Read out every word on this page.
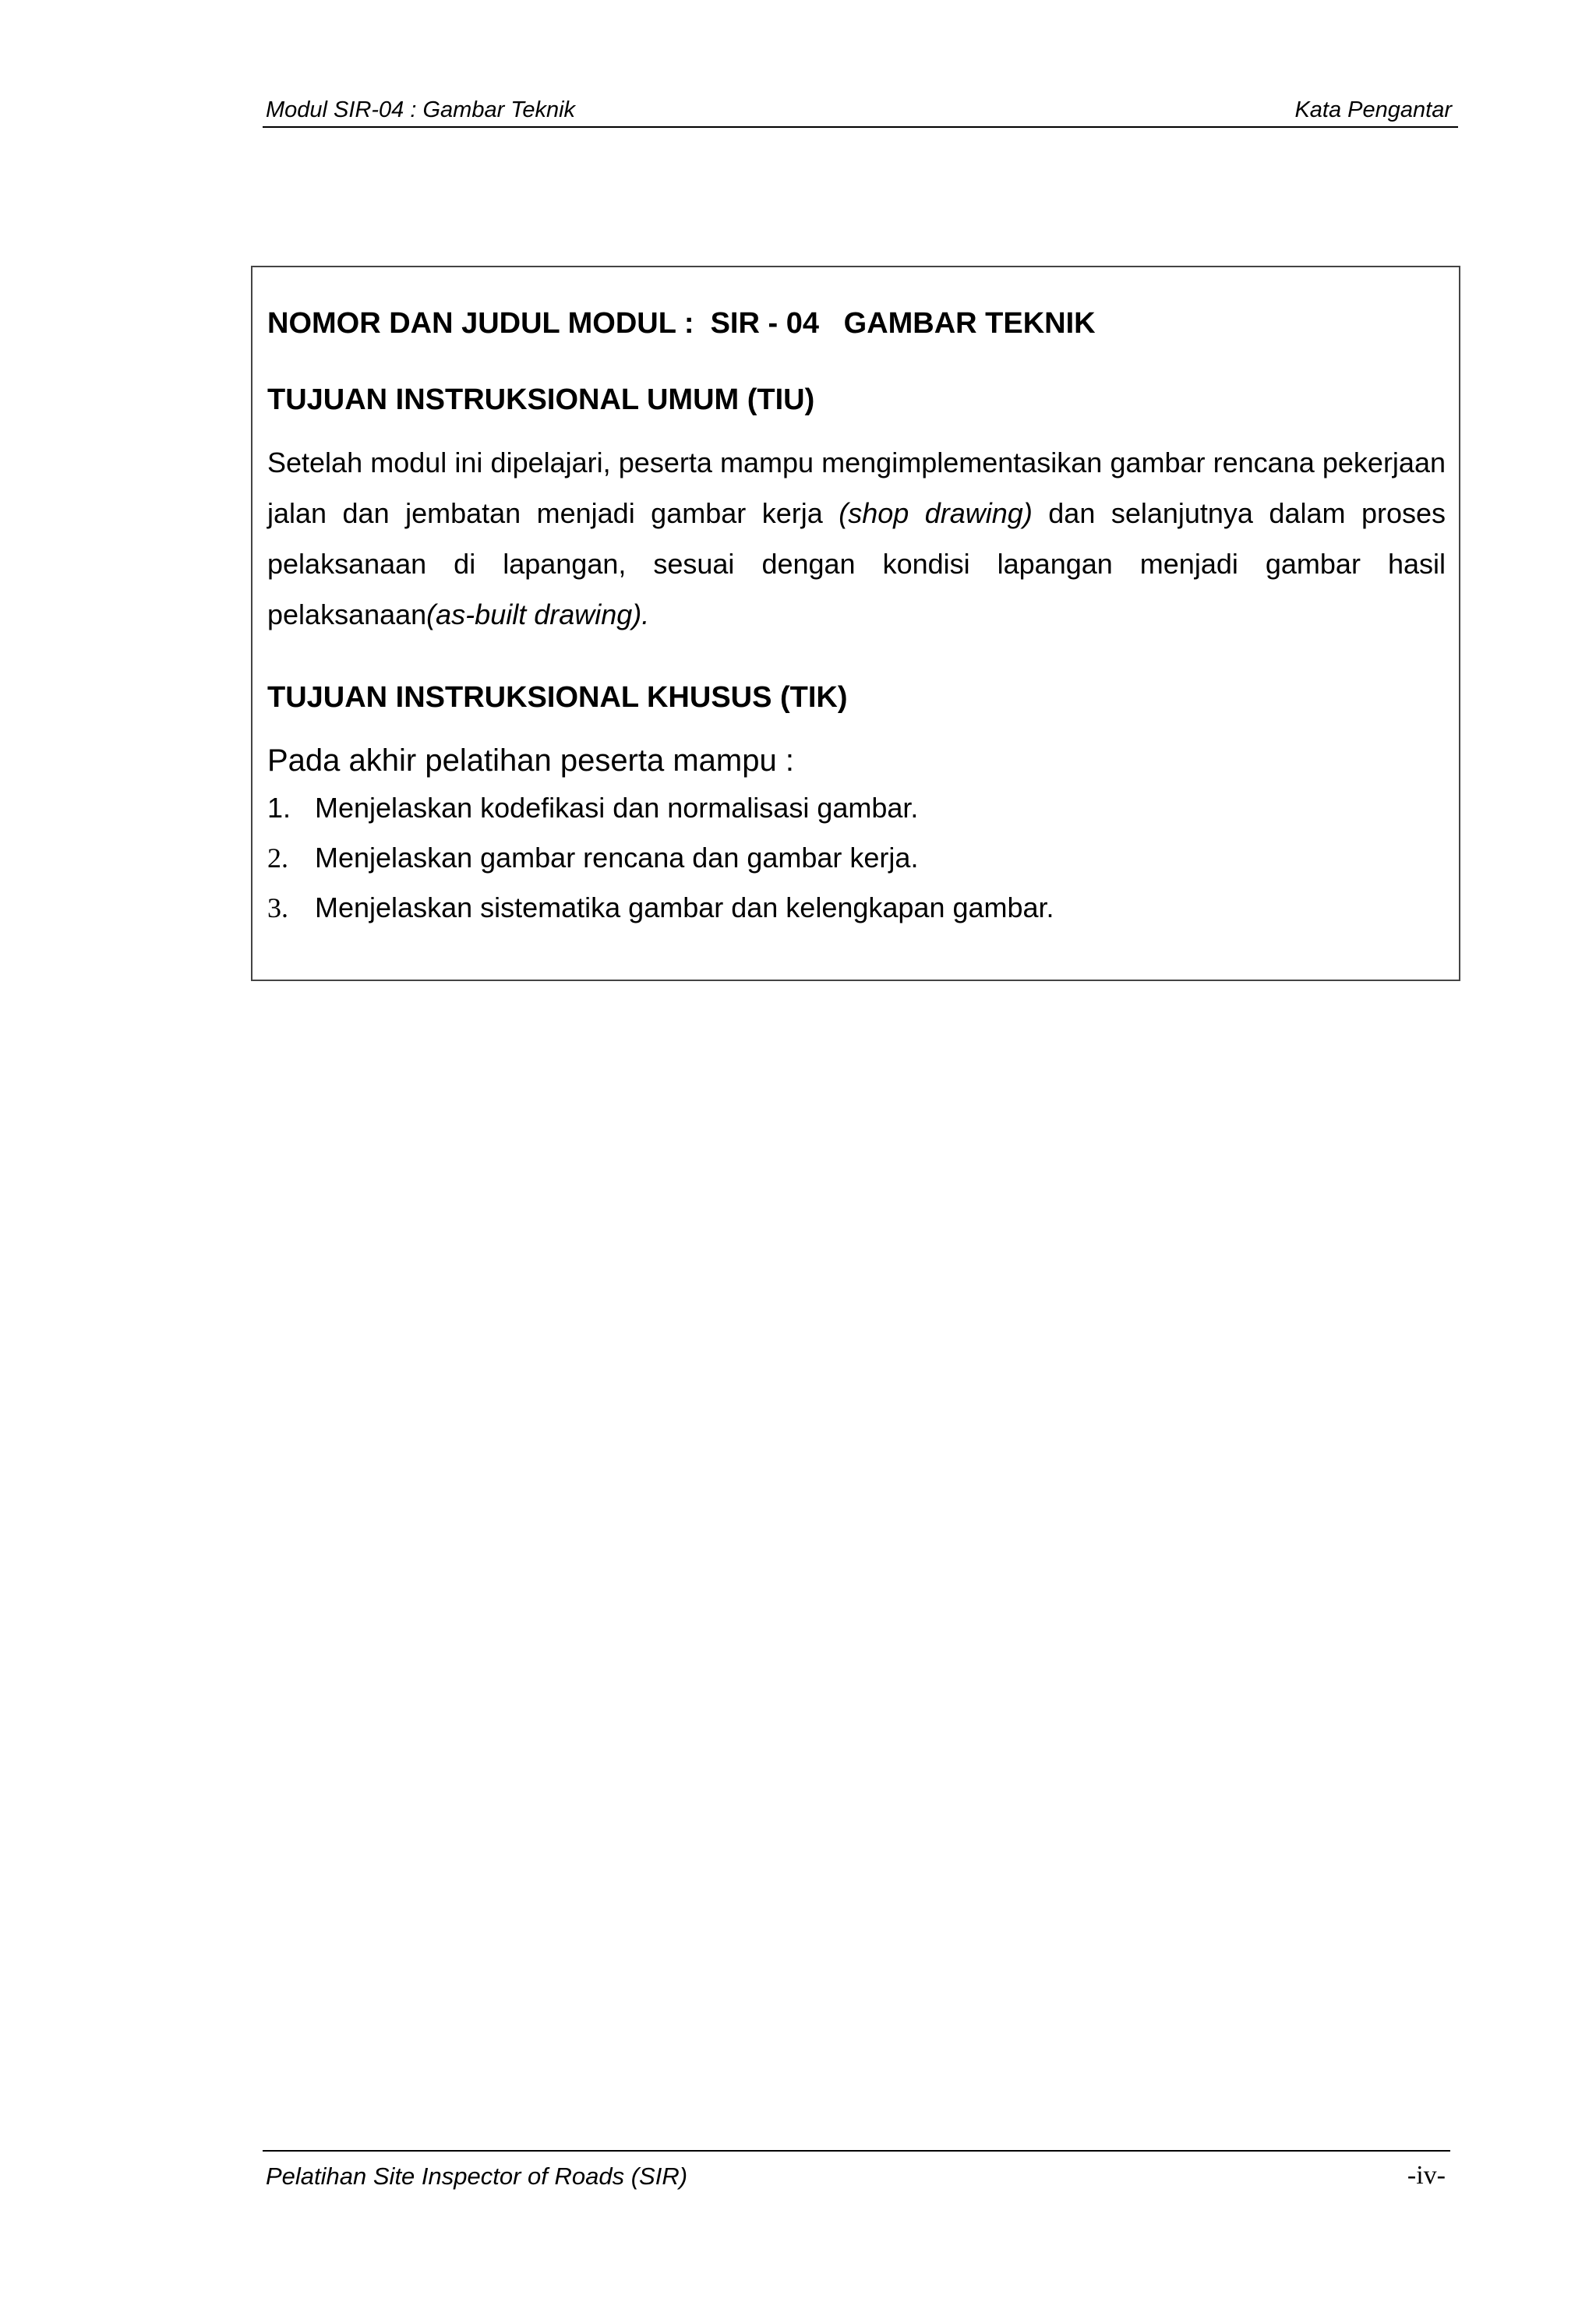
Modul SIR-04 : Gambar Teknik	Kata Pengantar
NOMOR DAN JUDUL MODUL :  SIR - 04   GAMBAR TEKNIK
TUJUAN INSTRUKSIONAL UMUM (TIU)
Setelah modul ini dipelajari, peserta mampu mengimplementasikan gambar rencana pekerjaan jalan dan jembatan menjadi gambar kerja (shop drawing) dan selanjutnya dalam proses pelaksanaan di lapangan, sesuai dengan kondisi lapangan menjadi gambar hasil pelaksanaan(as-built drawing).
TUJUAN INSTRUKSIONAL KHUSUS (TIK)
Pada akhir pelatihan peserta mampu :
1. Menjelaskan kodefikasi dan normalisasi gambar.
2. Menjelaskan gambar rencana dan gambar kerja.
3. Menjelaskan sistematika gambar dan kelengkapan gambar.
Pelatihan Site Inspector of Roads (SIR)	-iv-
